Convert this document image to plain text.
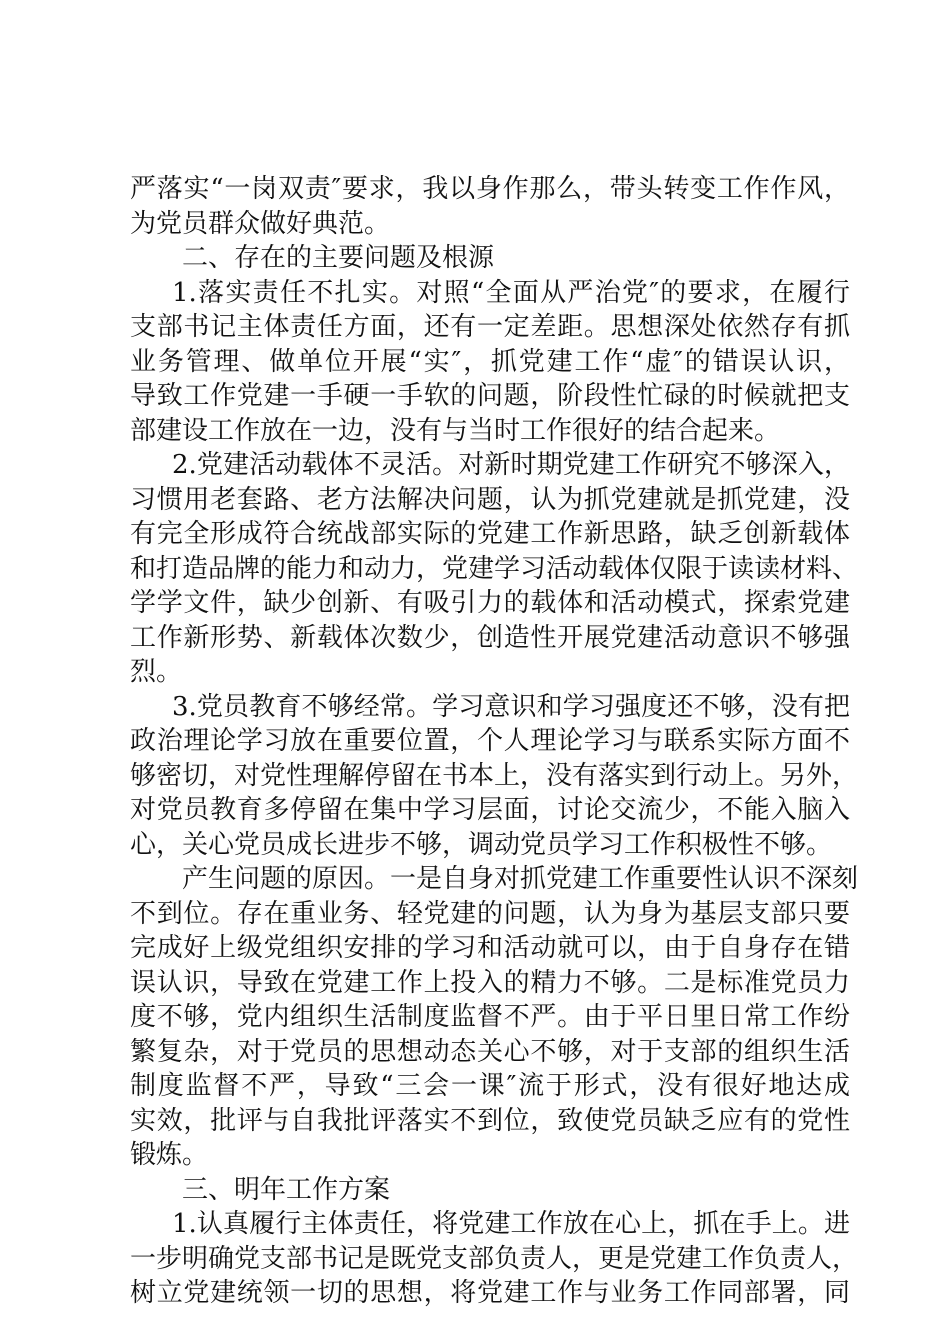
严落实“一岗双责″要求，我以身作那么，带头转变工作作风，
为党员群众做好典范。
二、存在的主要问题及根源
1.落实责任不扎实。对照“全面从严治党″的要求，在履行
支部书记主体责任方面，还有一定差距。思想深处依然存有抓
业务管理、做单位开展“实″，抓党建工作“虚″的错误认识，
导致工作党建一手硬一手软的问题，阶段性忙碌的时候就把支
部建设工作放在一边，没有与当时工作很好的结合起来。
2.党建活动载体不灵活。对新时期党建工作研究不够深入，
习惯用老套路、老方法解决问题，认为抓党建就是抓党建，没
有完全形成符合统战部实际的党建工作新思路，缺乏创新载体
和打造品牌的能力和动力，党建学习活动载体仅限于读读材料、
学学文件，缺少创新、有吸引力的载体和活动模式，探索党建
工作新形势、新载体次数少，创造性开展党建活动意识不够强
烈。
3.党员教育不够经常。学习意识和学习强度还不够，没有把
政治理论学习放在重要位置，个人理论学习与联系实际方面不
够密切，对党性理解停留在书本上，没有落实到行动上。另外，
对党员教育多停留在集中学习层面，讨论交流少，不能入脑入
心，关心党员成长进步不够，调动党员学习工作积极性不够。
产生问题的原因。一是自身对抓党建工作重要性认识不深刻
不到位。存在重业务、轻党建的问题，认为身为基层支部只要
完成好上级党组织安排的学习和活动就可以，由于自身存在错
误认识，导致在党建工作上投入的精力不够。二是标准党员力
度不够，党内组织生活制度监督不严。由于平日里日常工作纷
繁复杂，对于党员的思想动态关心不够，对于支部的组织生活
制度监督不严，导致“三会一课″流于形式，没有很好地达成
实效，批评与自我批评落实不到位，致使党员缺乏应有的党性
锻炼。
三、明年工作方案
1.认真履行主体责任，将党建工作放在心上，抓在手上。进
一步明确党支部书记是既党支部负责人，更是党建工作负责人，
树立党建统领一切的思想，将党建工作与业务工作同部署，同
